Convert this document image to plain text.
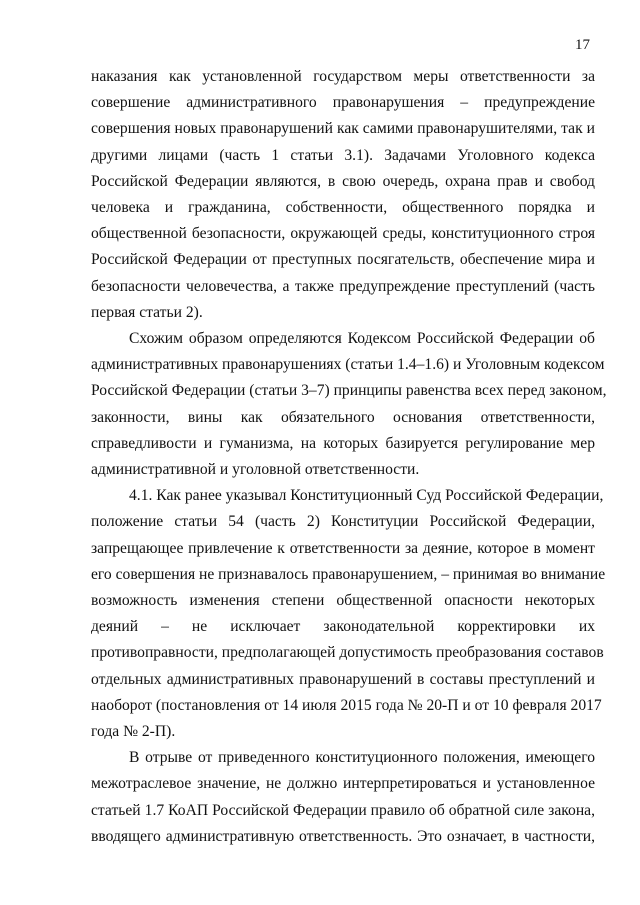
17
наказания как установленной государством меры ответственности за
совершение административного правонарушения – предупреждение
совершения новых правонарушений как самими правонарушителями, так и
другими лицами (часть 1 статьи 3.1). Задачами Уголовного кодекса
Российской Федерации являются, в свою очередь, охрана прав и свобод
человека и гражданина, собственности, общественного порядка и
общественной безопасности, окружающей среды, конституционного строя
Российской Федерации от преступных посягательств, обеспечение мира и
безопасности человечества, а также предупреждение преступлений (часть
первая статьи 2).
Схожим образом определяются Кодексом Российской Федерации об
административных правонарушениях (статьи 1.4–1.6) и Уголовным кодексом
Российской Федерации (статьи 3–7) принципы равенства всех перед законом,
законности, вины как обязательного основания ответственности,
справедливости и гуманизма, на которых базируется регулирование мер
административной и уголовной ответственности.
4.1. Как ранее указывал Конституционный Суд Российской Федерации,
положение статьи 54 (часть 2) Конституции Российской Федерации,
запрещающее привлечение к ответственности за деяние, которое в момент
его совершения не признавалось правонарушением, – принимая во внимание
возможность изменения степени общественной опасности некоторых
деяний – не исключает законодательной корректировки их
противоправности, предполагающей допустимость преобразования составов
отдельных административных правонарушений в составы преступлений и
наоборот (постановления от 14 июля 2015 года № 20-П и от 10 февраля 2017
года № 2-П).
В отрыве от приведенного конституционного положения, имеющего
межотраслевое значение, не должно интерпретироваться и установленное
статьей 1.7 КоАП Российской Федерации правило об обратной силе закона,
вводящего административную ответственность. Это означает, в частности,
